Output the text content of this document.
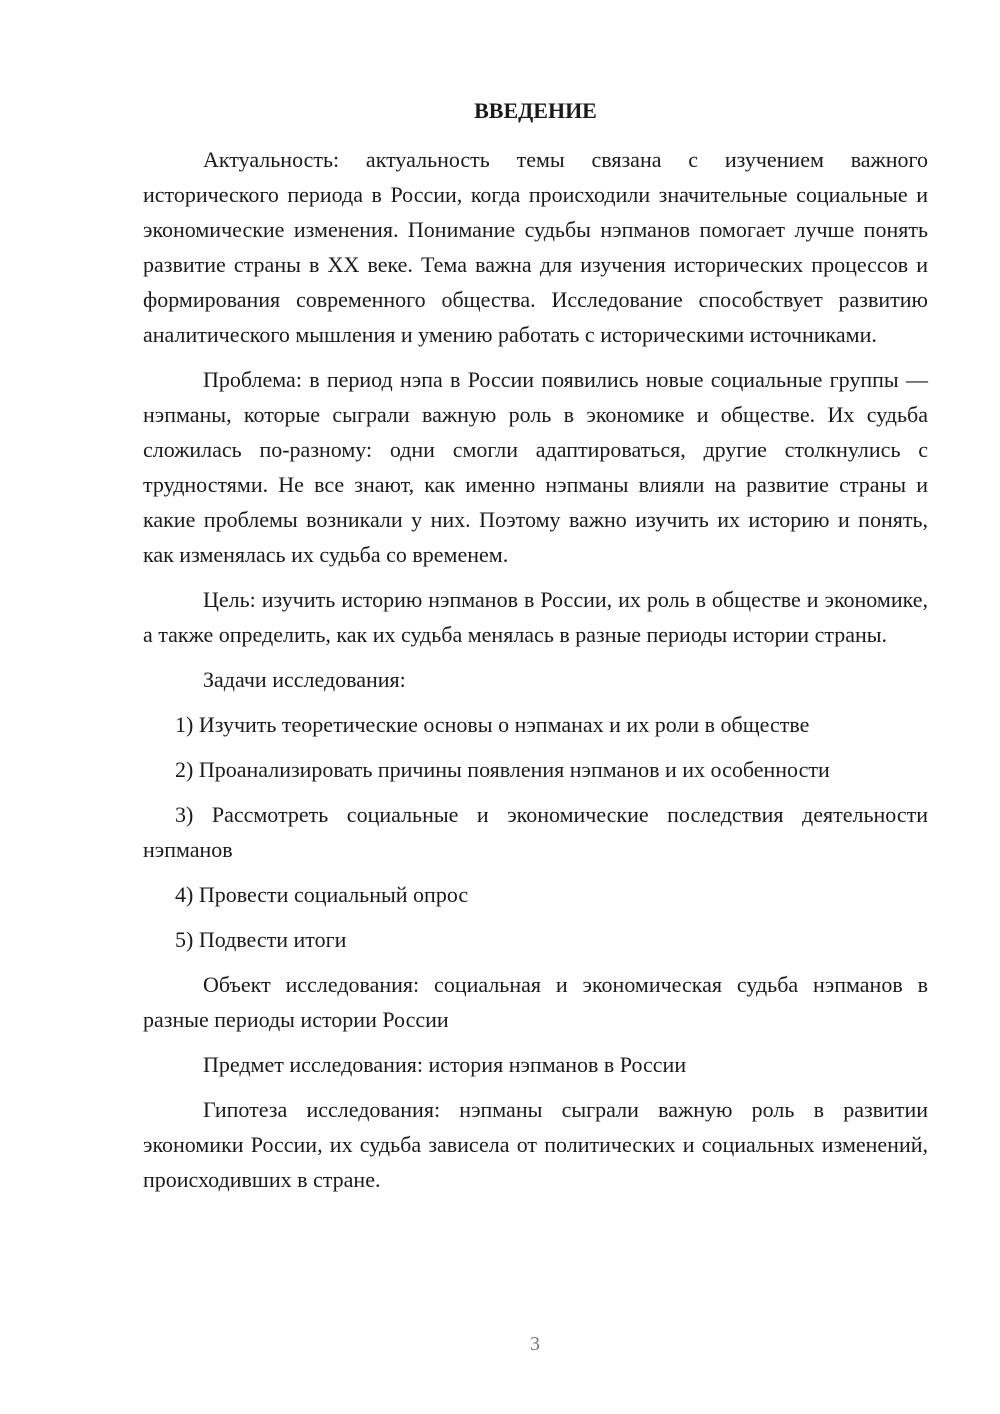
ВВЕДЕНИЕ

Актуальность: актуальность темы связана с изучением важного исторического периода в России, когда происходили значительные социальные и экономические изменения. Понимание судьбы нэпманов помогает лучше понять развитие страны в XX веке. Тема важна для изучения исторических процессов и формирования современного общества. Исследование способствует развитию аналитического мышления и умению работать с историческими источниками.

Проблема: в период нэпа в России появились новые социальные группы — нэпманы, которые сыграли важную роль в экономике и обществе. Их судьба сложилась по-разному: одни смогли адаптироваться, другие столкнулись с трудностями. Не все знают, как именно нэпманы влияли на развитие страны и какие проблемы возникали у них. Поэтому важно изучить их историю и понять, как изменялась их судьба со временем.

Цель: изучить историю нэпманов в России, их роль в обществе и экономике, а также определить, как их судьба менялась в разные периоды истории страны.

Задачи исследования:

1) Изучить теоретические основы о нэпманах и их роли в обществе

2) Проанализировать причины появления нэпманов и их особенности

3) Рассмотреть социальные и экономические последствия деятельности нэпманов

4) Провести социальный опрос

5) Подвести итоги

Объект исследования: социальная и экономическая судьба нэпманов в разные периоды истории России

Предмет исследования: история нэпманов в России

Гипотеза исследования: нэпманы сыграли важную роль в развитии экономики России, их судьба зависела от политических и социальных изменений, происходивших в стране.

3
